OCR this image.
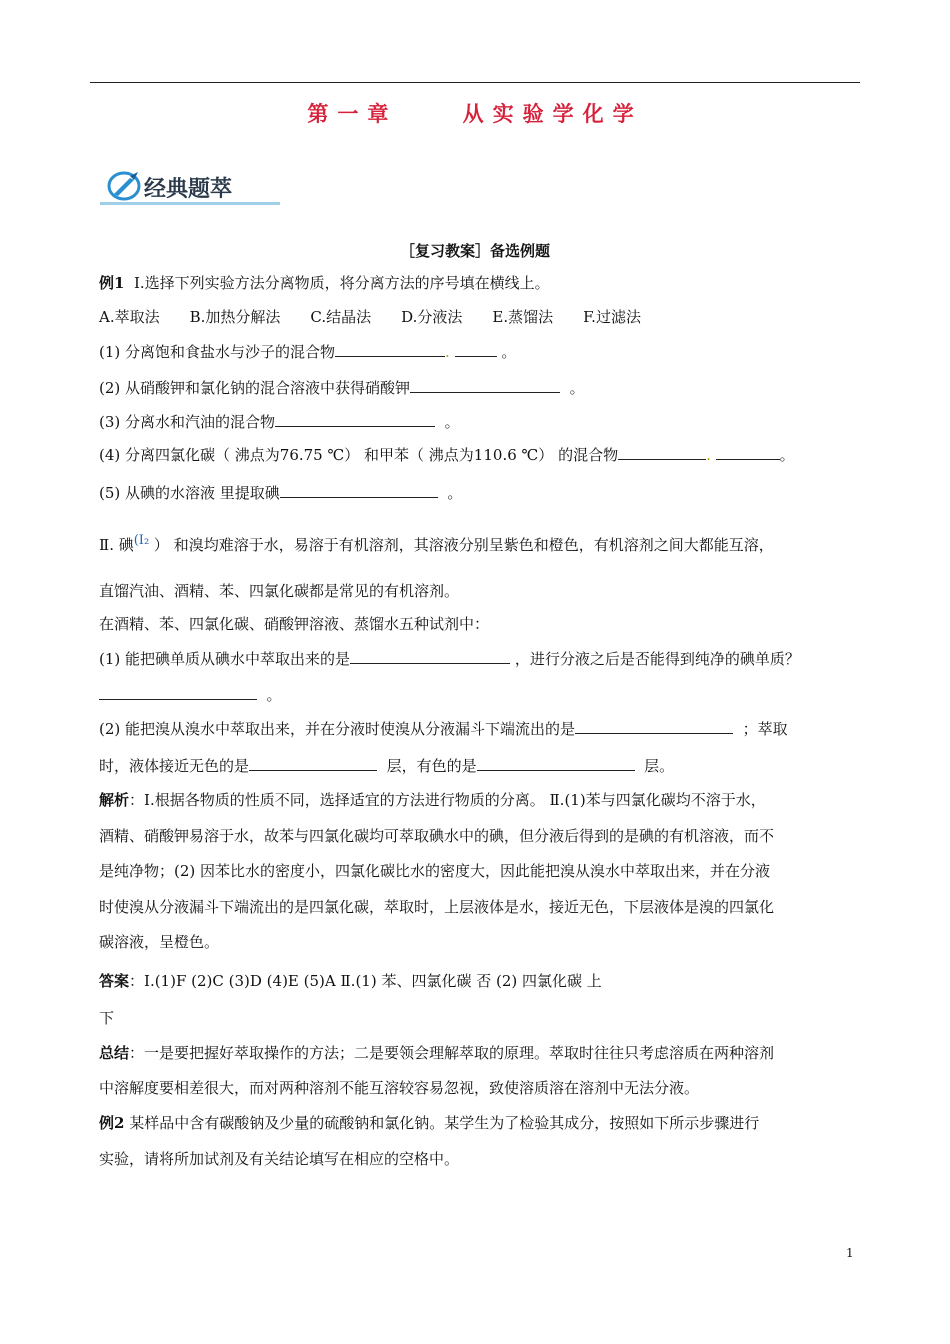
第一章    从实验学化学
经典题萃
［复习教案］备选例题
例1 Ⅰ.选择下列实验方法分离物质，将分离方法的序号填在横线上。
A.萃取法 B.加热分解法 C.结晶法 D.分液法 E.蒸馏法 F.过滤法
(1) 分离饱和食盐水与沙子的混合物	.	。
(2) 从硝酸钾和氯化钠的混合溶液中获得硝酸钾	。
(3) 分离水和汽油的混合物	。
(4) 分离四氯化碳（ 沸点为76.75 ℃） 和甲苯（ 沸点为110.6 ℃） 的混合物	.	。
(5) 从碘的水溶液 里提取碘	。
Ⅱ. 碘$^{(I_2}$ ） 和溴均难溶于水，易溶于有机溶剂，其溶液分别呈紫色和橙色，有机溶剂之间大都能互溶，
直馏汽油、酒精、苯、四氯化碳都是常见的有机溶剂。
在酒精、苯、四氯化碳、硝酸钾溶液、蒸馏水五种试剂中：
(1) 能把碘单质从碘水中萃取出来的是	，进行分液之后是否能得到纯净的碘单质？
。
(2) 能把溴从溴水中萃取出来，并在分液时使溴从分液漏斗下端流出的是	；萃取
时，液体接近无色的是	层，有色的是	层。
解析：Ⅰ.根据各物质的性质不同，选择适宜的方法进行物质的分离。 Ⅱ.(1)苯与四氯化碳均不溶于水，
酒精、硝酸钾易溶于水，故苯与四氯化碳均可萃取碘水中的碘，但分液后得到的是碘的有机溶液，而不
是纯净物；(2) 因苯比水的密度小，四氯化碳比水的密度大，因此能把溴从溴水中萃取出来，并在分液
时使溴从分液漏斗下端流出的是四氯化碳，萃取时，上层液体是水，接近无色，下层液体是溴的四氯化
碳溶液，呈橙色。
答案：Ⅰ.(1)F (2)C (3)D (4)E (5)A Ⅱ.(1) 苯、四氯化碳 否 (2) 四氯化碳 上
下
总结：一是要把握好萃取操作的方法；二是要领会理解萃取的原理。萃取时往往只考虑溶质在两种溶剂
中溶解度要相差很大，而对两种溶剂不能互溶较容易忽视，致使溶质溶在溶剂中无法分液。
例2 某样品中含有碳酸钠及少量的硫酸钠和氯化钠。某学生为了检验其成分，按照如下所示步骤进行
实验，请将所加试剂及有关结论填写在相应的空格中。
1
